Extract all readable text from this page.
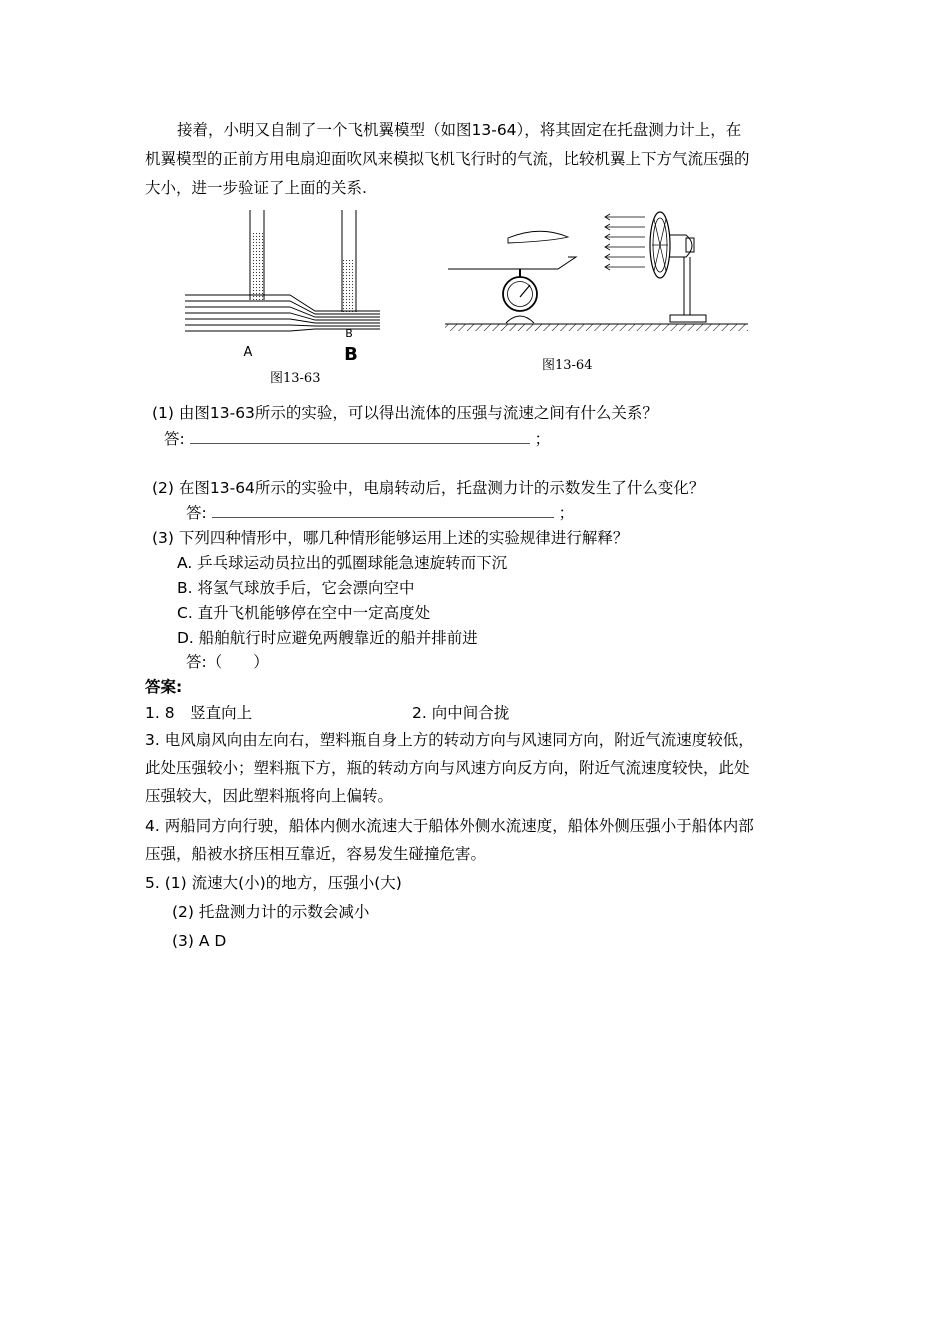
接着，小明又自制了一个飞机翼模型（如图13-64），将其固定在托盘测力计上，在
机翼模型的正前方用电扇迎面吹风来模拟飞机飞行时的气流，比较机翼上下方气流压强的
大小，进一步验证了上面的关系.
B
A	B
图13-63
图13-64
(1) 由图13-63所示的实验，可以得出流体的压强与流速之间有什么关系？
答:	；
(2) 在图13-64所示的实验中，电扇转动后，托盘测力计的示数发生了什么变化？
答:	；
(3) 下列四种情形中，哪几种情形能够运用上述的实验规律进行解释？
A. 乒乓球运动员拉出的弧圈球能急速旋转而下沉
B. 将氢气球放手后，它会漂向空中
C. 直升飞机能够停在空中一定高度处
D. 船舶航行时应避免两艘靠近的船并排前进
答:（　　）
答案:
1. 8　竖直向上	2. 向中间合拢
3. 电风扇风向由左向右，塑料瓶自身上方的转动方向与风速同方向，附近气流速度较低，
此处压强较小；塑料瓶下方，瓶的转动方向与风速方向反方向，附近气流速度较快，此处
压强较大，因此塑料瓶将向上偏转。
4. 两船同方向行驶，船体内侧水流速大于船体外侧水流速度，船体外侧压强小于船体内部
压强，船被水挤压相互靠近，容易发生碰撞危害。
5. (1) 流速大(小)的地方，压强小(大)
(2) 托盘测力计的示数会减小
(3) A D
